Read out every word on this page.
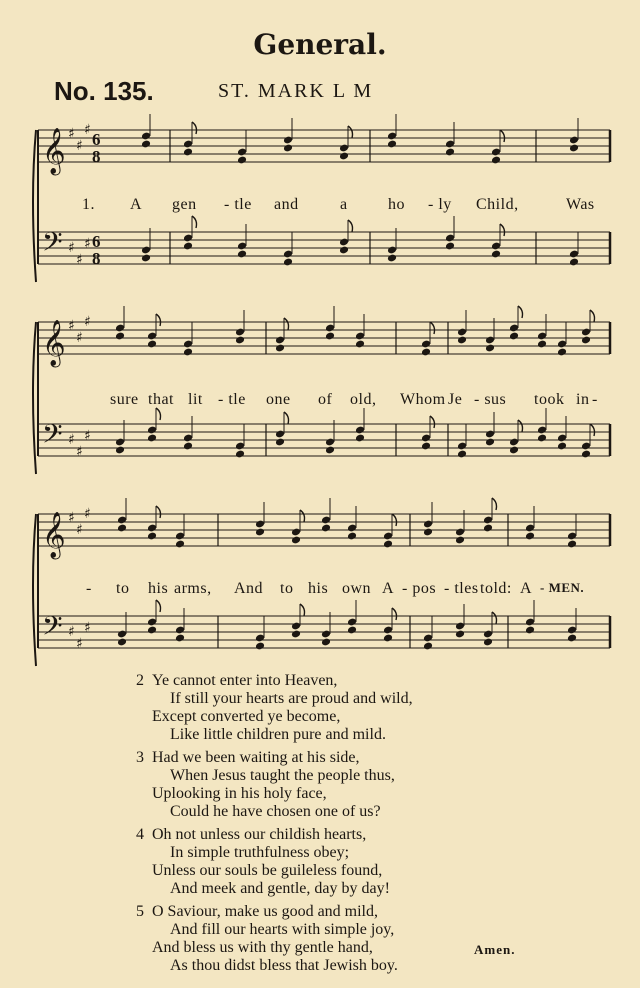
General.
No. 135.	ST. MARK L M
𝄞 ♯
♯
♯ 6
8
𝄢 ♯
♯
♯ 6
8
1. A gen - tle and	a	ho - ly Child,	Was
𝄞 ♯
♯
♯
𝄢 ♯
♯
♯
sure that lit - tle one of old, Whom Je - sus took in -
𝄞 ♯
♯
♯
𝄢 ♯
♯
♯
- to his arms, And to his own A - pos - tles told: A - MEN.
2 Ye cannot enter into Heaven,
If still your hearts are proud and wild,
Except converted ye become,
Like little children pure and mild.
3 Had we been waiting at his side,
When Jesus taught the people thus,
Uplooking in his holy face,
Could he have chosen one of us?
4 Oh not unless our childish hearts,
In simple truthfulness obey;
Unless our souls be guileless found,
And meek and gentle, day by day!
5 O Saviour, make us good and mild,
And fill our hearts with simple joy,
And bless us with thy gentle hand,
As thou didst bless that Jewish boy.
Amen.
